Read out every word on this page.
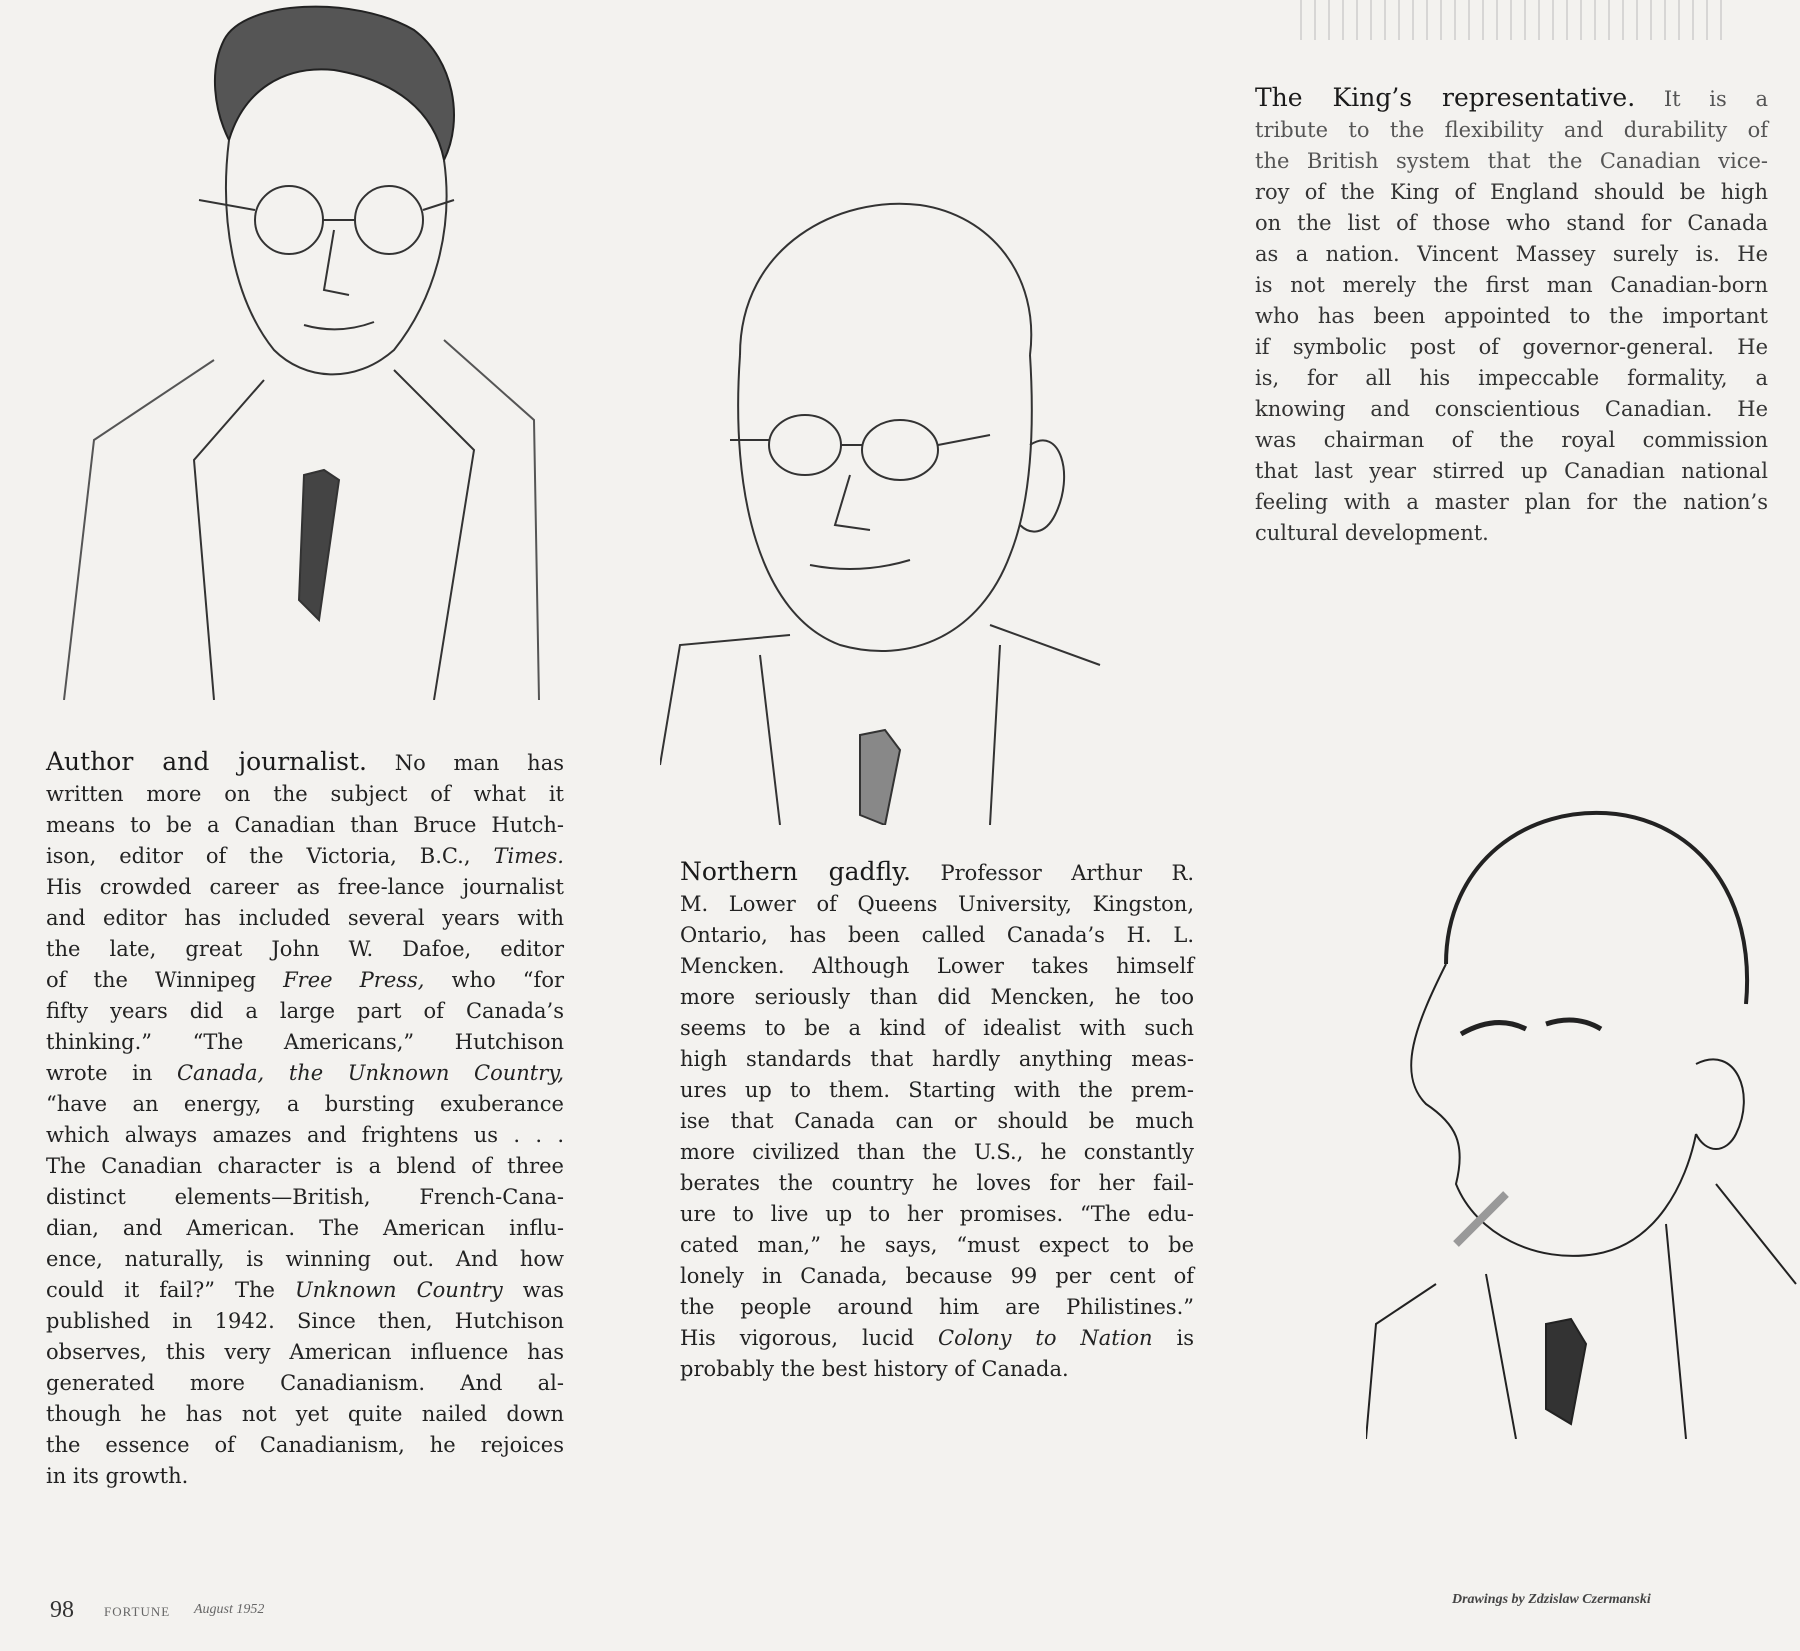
Author and journalist. No man has
written more on the subject of what it
means to be a Canadian than Bruce Hutch-
ison, editor of the Victoria, B.C., Times.
His crowded career as free-lance journalist
and editor has included several years with
the late, great John W. Dafoe, editor
of the Winnipeg Free Press, who “for
fifty years did a large part of Canada’s
thinking.” “The Americans,” Hutchison
wrote in Canada, the Unknown Country,
“have an energy, a bursting exuberance
which always amazes and frightens us . . .
The Canadian character is a blend of three
distinct elements—British, French-Cana-
dian, and American. The American influ-
ence, naturally, is winning out. And how
could it fail?” The Unknown Country was
published in 1942. Since then, Hutchison
observes, this very American influence has
generated more Canadianism. And al-
though he has not yet quite nailed down
the essence of Canadianism, he rejoices
in its growth.
Northern gadfly. Professor Arthur R.
M. Lower of Queens University, Kingston,
Ontario, has been called Canada’s H. L.
Mencken. Although Lower takes himself
more seriously than did Mencken, he too
seems to be a kind of idealist with such
high standards that hardly anything meas-
ures up to them. Starting with the prem-
ise that Canada can or should be much
more civilized than the U.S., he constantly
berates the country he loves for her fail-
ure to live up to her promises. “The edu-
cated man,” he says, “must expect to be
lonely in Canada, because 99 per cent of
the people around him are Philistines.”
His vigorous, lucid Colony to Nation is
probably the best history of Canada.
The King’s representative. It is a
tribute to the flexibility and durability of
the British system that the Canadian vice-
roy of the King of England should be high
on the list of those who stand for Canada
as a nation. Vincent Massey surely is. He
is not merely the first man Canadian-born
who has been appointed to the important
if symbolic post of governor-general. He
is, for all his impeccable formality, a
knowing and conscientious Canadian. He
was chairman of the royal commission
that last year stirred up Canadian national
feeling with a master plan for the nation’s
cultural development.
98 FORTUNE August 1952
Drawings by Zdzislaw Czermanski
